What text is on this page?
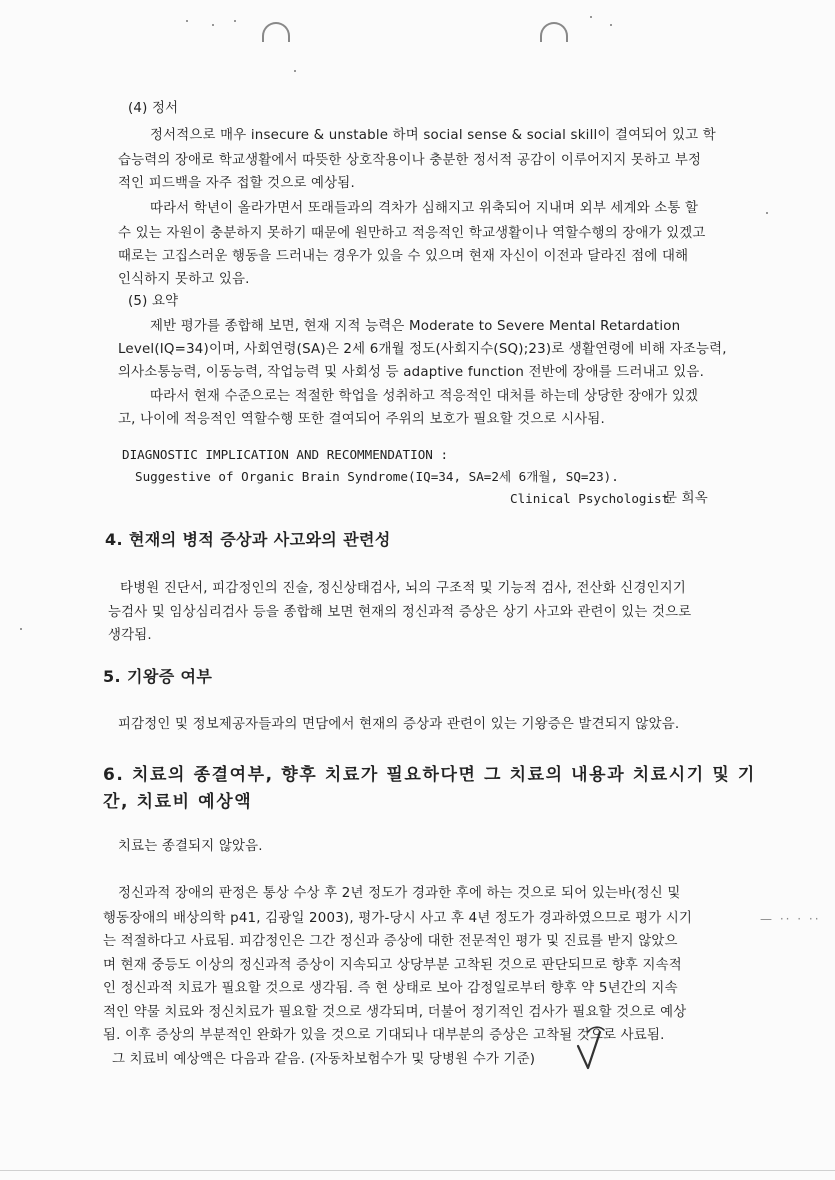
— ·· · ··
(4) 정서
정서적으로 매우 insecure & unstable 하며 social sense & social skill이 결여되어 있고 학
습능력의 장애로 학교생활에서 따뜻한 상호작용이나 충분한 정서적 공감이 이루어지지 못하고 부정
적인 피드백을 자주 접할 것으로 예상됨.
따라서 학년이 올라가면서 또래들과의 격차가 심해지고 위축되어 지내며 외부 세계와 소통 할
수 있는 자원이 충분하지 못하기 때문에 원만하고 적응적인 학교생활이나 역할수행의 장애가 있겠고
때로는 고집스러운 행동을 드러내는 경우가 있을 수 있으며 현재 자신이 이전과 달라진 점에 대해
인식하지 못하고 있음.
(5) 요약
제반 평가를 종합해 보면, 현재 지적 능력은 Moderate to Severe Mental Retardation
Level(IQ=34)이며, 사회연령(SA)은 2세 6개월 정도(사회지수(SQ);23)로 생활연령에 비해 자조능력,
의사소통능력, 이동능력, 작업능력 및 사회성 등 adaptive function 전반에 장애를 드러내고 있음.
따라서 현재 수준으로는 적절한 학업을 성취하고 적응적인 대처를 하는데 상당한 장애가 있겠
고, 나이에 적응적인 역할수행 또한 결여되어 주위의 보호가 필요할 것으로 시사됨.
DIAGNOSTIC IMPLICATION AND RECOMMENDATION :
Suggestive of Organic Brain Syndrome(IQ=34, SA=2세 6개월, SQ=23).
Clinical Psychologist
문 희옥
4. 현재의 병적 증상과 사고와의 관련성
타병원 진단서, 피감정인의 진술, 정신상태검사, 뇌의 구조적 및 기능적 검사, 전산화 신경인지기
능검사 및 임상심리검사 등을 종합해 보면 현재의 정신과적 증상은 상기 사고와 관련이 있는 것으로
생각됨.
5. 기왕증 여부
피감정인 및 정보제공자들과의 면담에서 현재의 증상과 관련이 있는 기왕증은 발견되지 않았음.
6. 치료의 종결여부, 향후 치료가 필요하다면 그 치료의 내용과 치료시기 및 기
간, 치료비 예상액
치료는 종결되지 않았음.
정신과적 장애의 판정은 통상 수상 후 2년 정도가 경과한 후에 하는 것으로 되어 있는바(정신 및
행동장애의 배상의학 p41, 김광일 2003), 평가-당시 사고 후 4년 정도가 경과하였으므로 평가 시기
는 적절하다고 사료됨. 피감정인은 그간 정신과 증상에 대한 전문적인 평가 및 진료를 받지 않았으
며 현재 중등도 이상의 정신과적 증상이 지속되고 상당부분 고착된 것으로 판단되므로 향후 지속적
인 정신과적 치료가 필요할 것으로 생각됨. 즉 현 상태로 보아 감정일로부터 향후 약 5년간의 지속
적인 약물 치료와 정신치료가 필요할 것으로 생각되며, 더불어 정기적인 검사가 필요할 것으로 예상
됨. 이후 증상의 부분적인 완화가 있을 것으로 기대되나 대부분의 증상은 고착될 것으로 사료됨.
그 치료비 예상액은 다음과 같음. (자동차보험수가 및 당병원 수가 기준)
